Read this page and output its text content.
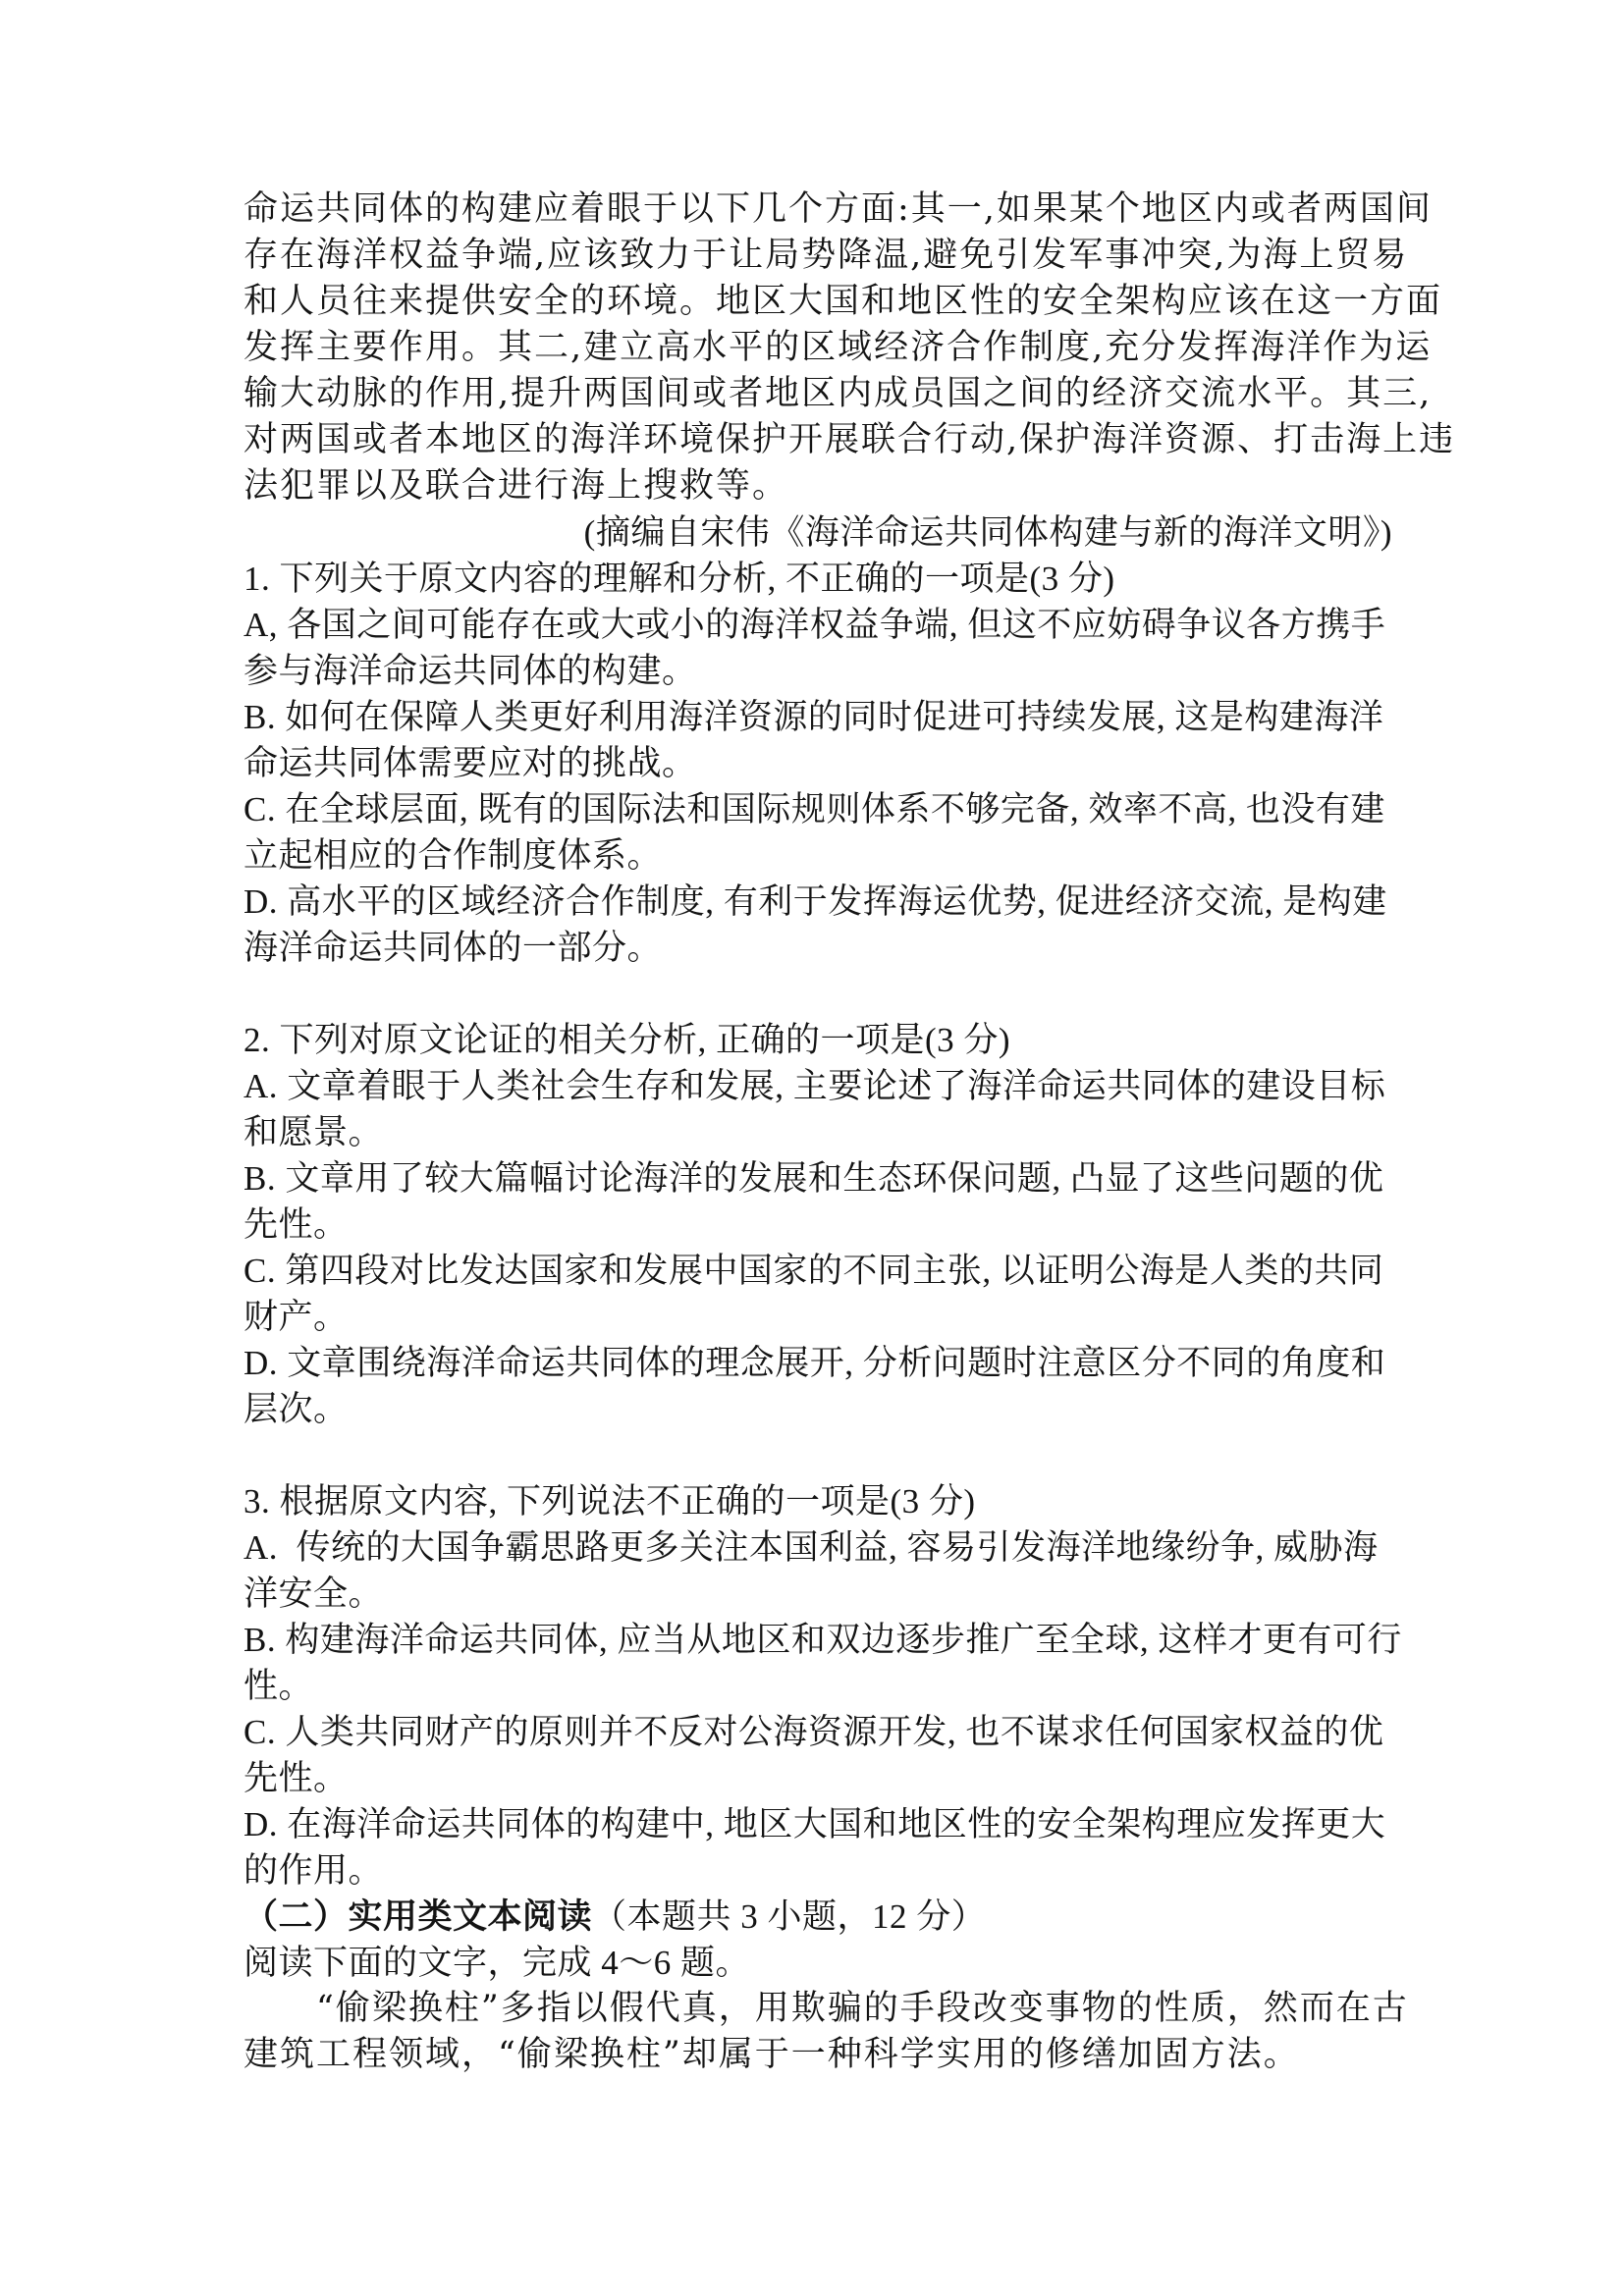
命运共同体的构建应着眼于以下几个方面:其一,如果某个地区内或者两国间
存在海洋权益争端,应该致力于让局势降温,避免引发军事冲突,为海上贸易
和人员往来提供安全的环境。地区大国和地区性的安全架构应该在这一方面
发挥主要作用。其二,建立高水平的区域经济合作制度,充分发挥海洋作为运
输大动脉的作用,提升两国间或者地区内成员国之间的经济交流水平。其三,
对两国或者本地区的海洋环境保护开展联合行动,保护海洋资源、打击海上违
法犯罪以及联合进行海上搜救等。
(摘编自宋伟《海洋命运共同体构建与新的海洋文明》)
1. 下列关于原文内容的理解和分析, 不正确的一项是(3 分)
A, 各国之间可能存在或大或小的海洋权益争端, 但这不应妨碍争议各方携手
参与海洋命运共同体的构建。
B. 如何在保障人类更好利用海洋资源的同时促进可持续发展, 这是构建海洋
命运共同体需要应对的挑战。
C. 在全球层面, 既有的国际法和国际规则体系不够完备, 效率不高, 也没有建
立起相应的合作制度体系。
D. 高水平的区域经济合作制度, 有利于发挥海运优势, 促进经济交流, 是构建
海洋命运共同体的一部分。

2. 下列对原文论证的相关分析, 正确的一项是(3 分)
A. 文章着眼于人类社会生存和发展, 主要论述了海洋命运共同体的建设目标
和愿景。
B. 文章用了较大篇幅讨论海洋的发展和生态环保问题, 凸显了这些问题的优
先性。
C. 第四段对比发达国家和发展中国家的不同主张, 以证明公海是人类的共同
财产。
D. 文章围绕海洋命运共同体的理念展开, 分析问题时注意区分不同的角度和
层次。

3. 根据原文内容, 下列说法不正确的一项是(3 分)
A.  传统的大国争霸思路更多关注本国利益, 容易引发海洋地缘纷争, 威胁海
洋安全。
B. 构建海洋命运共同体, 应当从地区和双边逐步推广至全球, 这样才更有可行
性。
C. 人类共同财产的原则并不反对公海资源开发, 也不谋求任何国家权益的优
先性。
D. 在海洋命运共同体的构建中, 地区大国和地区性的安全架构理应发挥更大
的作用。
（二）实用类文本阅读（本题共 3 小题，12 分）
阅读下面的文字，完成 4～6 题。
“偷梁换柱”多指以假代真，用欺骗的手段改变事物的性质，然而在古
建筑工程领域，“偷梁换柱”却属于一种科学实用的修缮加固方法。
